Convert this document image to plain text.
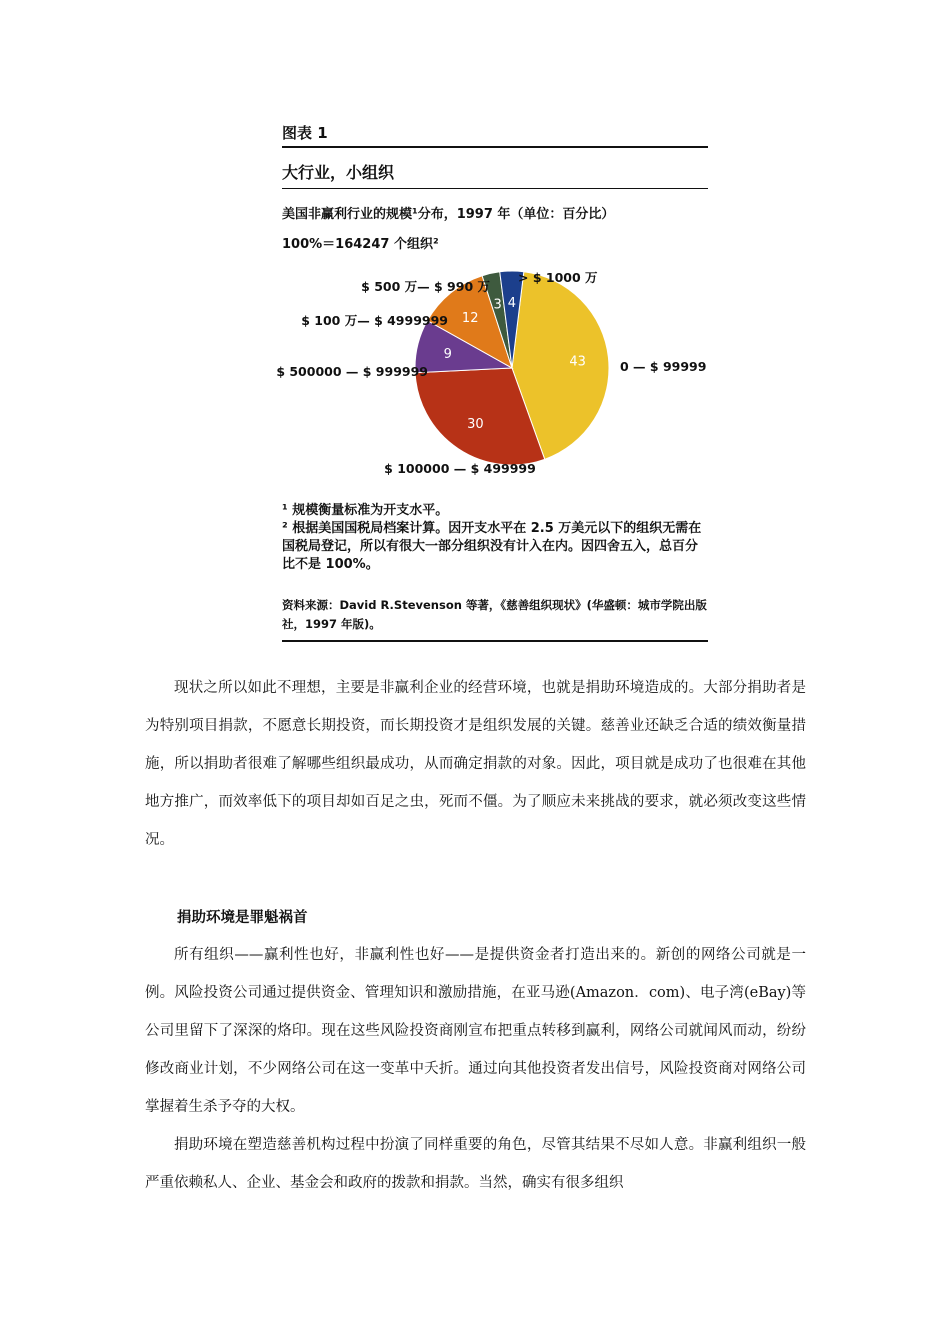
图表 1
大行业，小组织
美国非赢利行业的规模¹分布，1997 年（单位：百分比）
100%＝164247 个组织²
43	0 — $ 99999
30
$ 100000 — $ 499999
9
$ 500000 — $ 999999
12
$ 100 万— $ 4999999
3
$ 500 万— $ 990 万
4
> $ 1000 万

¹ 规模衡量标准为开支水平。

² 根据美国国税局档案计算。因开支水平在 2.5 万美元以下的组织无需在国税局登记，所以有很大一部分组织没有计入在内。因四舍五入，总百分比不是 100%。

资料来源：David R.Stevenson 等著，《慈善组织现状》(华盛顿：城市学院出版社，1997 年版)。

现状之所以如此不理想，主要是非赢利企业的经营环境，也就是捐助环境造成的。大部分捐助者是为特别项目捐款，不愿意长期投资，而长期投资才是组织发展的关键。慈善业还缺乏合适的绩效衡量措施，所以捐助者很难了解哪些组织最成功，从而确定捐款的对象。因此，项目就是成功了也很难在其他地方推广，而效率低下的项目却如百足之虫，死而不僵。为了顺应未来挑战的要求，就必须改变这些情况。

捐助环境是罪魁祸首

所有组织——赢利性也好，非赢利性也好——是提供资金者打造出来的。新创的网络公司就是一例。风险投资公司通过提供资金、管理知识和激励措施，在亚马逊(Amazon．com)、电子湾(eBay)等公司里留下了深深的烙印。现在这些风险投资商刚宣布把重点转移到赢利，网络公司就闻风而动，纷纷修改商业计划，不少网络公司在这一变革中夭折。通过向其他投资者发出信号，风险投资商对网络公司掌握着生杀予夺的大权。

捐助环境在塑造慈善机构过程中扮演了同样重要的角色，尽管其结果不尽如人意。非赢利组织一般严重依赖私人、企业、基金会和政府的拨款和捐款。当然，确实有很多组织
